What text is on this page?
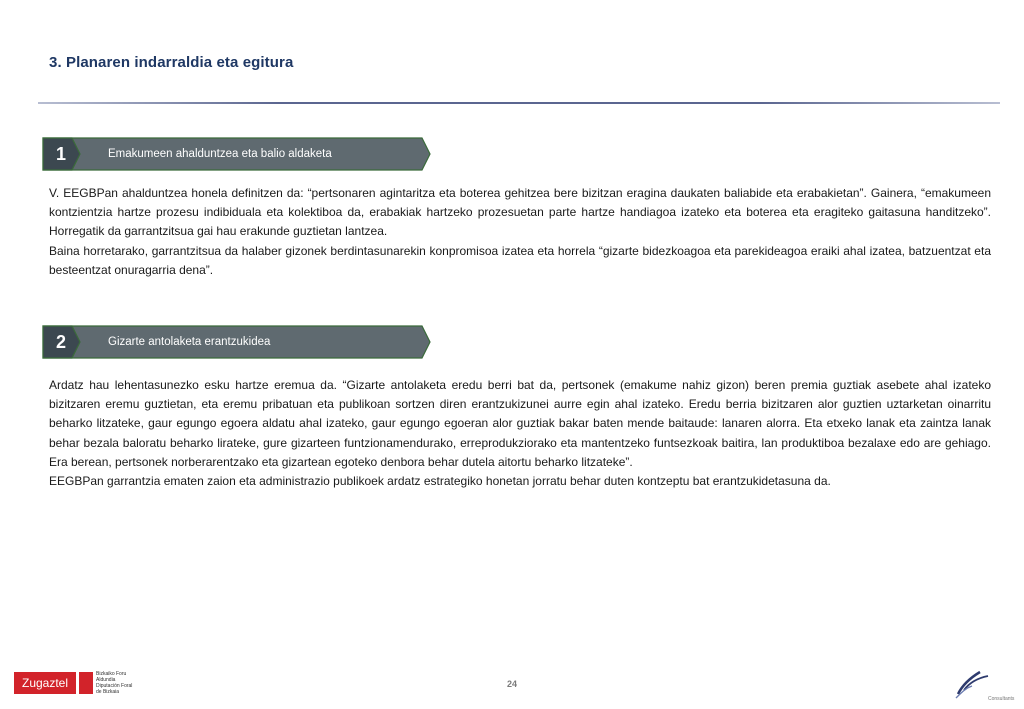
3. Planaren indarraldia eta egitura
1	Emakumeen ahalduntzea eta balio aldaketa

V. EEGBPan ahalduntzea honela definitzen da: “pertsonaren agintaritza eta boterea gehitzea bere bizitzan eragina daukaten baliabide eta erabakietan”. Gainera, “emakumeen kontzientzia hartze prozesu indibiduala eta kolektiboa da, erabakiak hartzeko prozesuetan parte hartze handiagoa izateko eta boterea eta eragiteko gaitasuna handitzeko”. Horregatik da garrantzitsua gai hau erakunde guztietan lantzea.

Baina horretarako, garrantzitsua da halaber gizonek berdintasunarekin konpromisoa izatea eta horrela “gizarte bidezkoagoa eta parekideagoa eraiki ahal izatea, batzuentzat eta besteentzat onuragarria dena”.

2	Gizarte antolaketa erantzukidea

Ardatz hau lehentasunezko esku hartze eremua da. “Gizarte antolaketa eredu berri bat da, pertsonek (emakume nahiz gizon) beren premia guztiak asebete ahal izateko bizitzaren eremu guztietan, eta eremu pribatuan eta publikoan sortzen diren erantzukizunei aurre egin ahal izateko. Eredu berria bizitzaren alor guztien uztarketan oinarritu beharko litzateke, gaur egungo egoera aldatu ahal izateko, gaur egungo egoeran alor guztiak bakar baten mende baitaude: lanaren alorra. Eta etxeko lanak eta zaintza lanak behar bezala baloratu beharko lirateke, gure gizarteen funtzionamendurako, erreprodukziorako eta mantentzeko funtsezkoak baitira, lan produktiboa bezalaxe edo are gehiago. Era berean, pertsonek norberarentzako eta gizartean egoteko denbora behar dutela aitortu beharko litzateke”.

EEGBPan garrantzia ematen zaion eta administrazio publikoek ardatz estrategiko honetan jorratu behar duten kontzeptu bat erantzukidetasuna da.

Zugaztel
Bizkaiko Foru Aldundia Diputación Foral de Bizkaia
24
Consultants
